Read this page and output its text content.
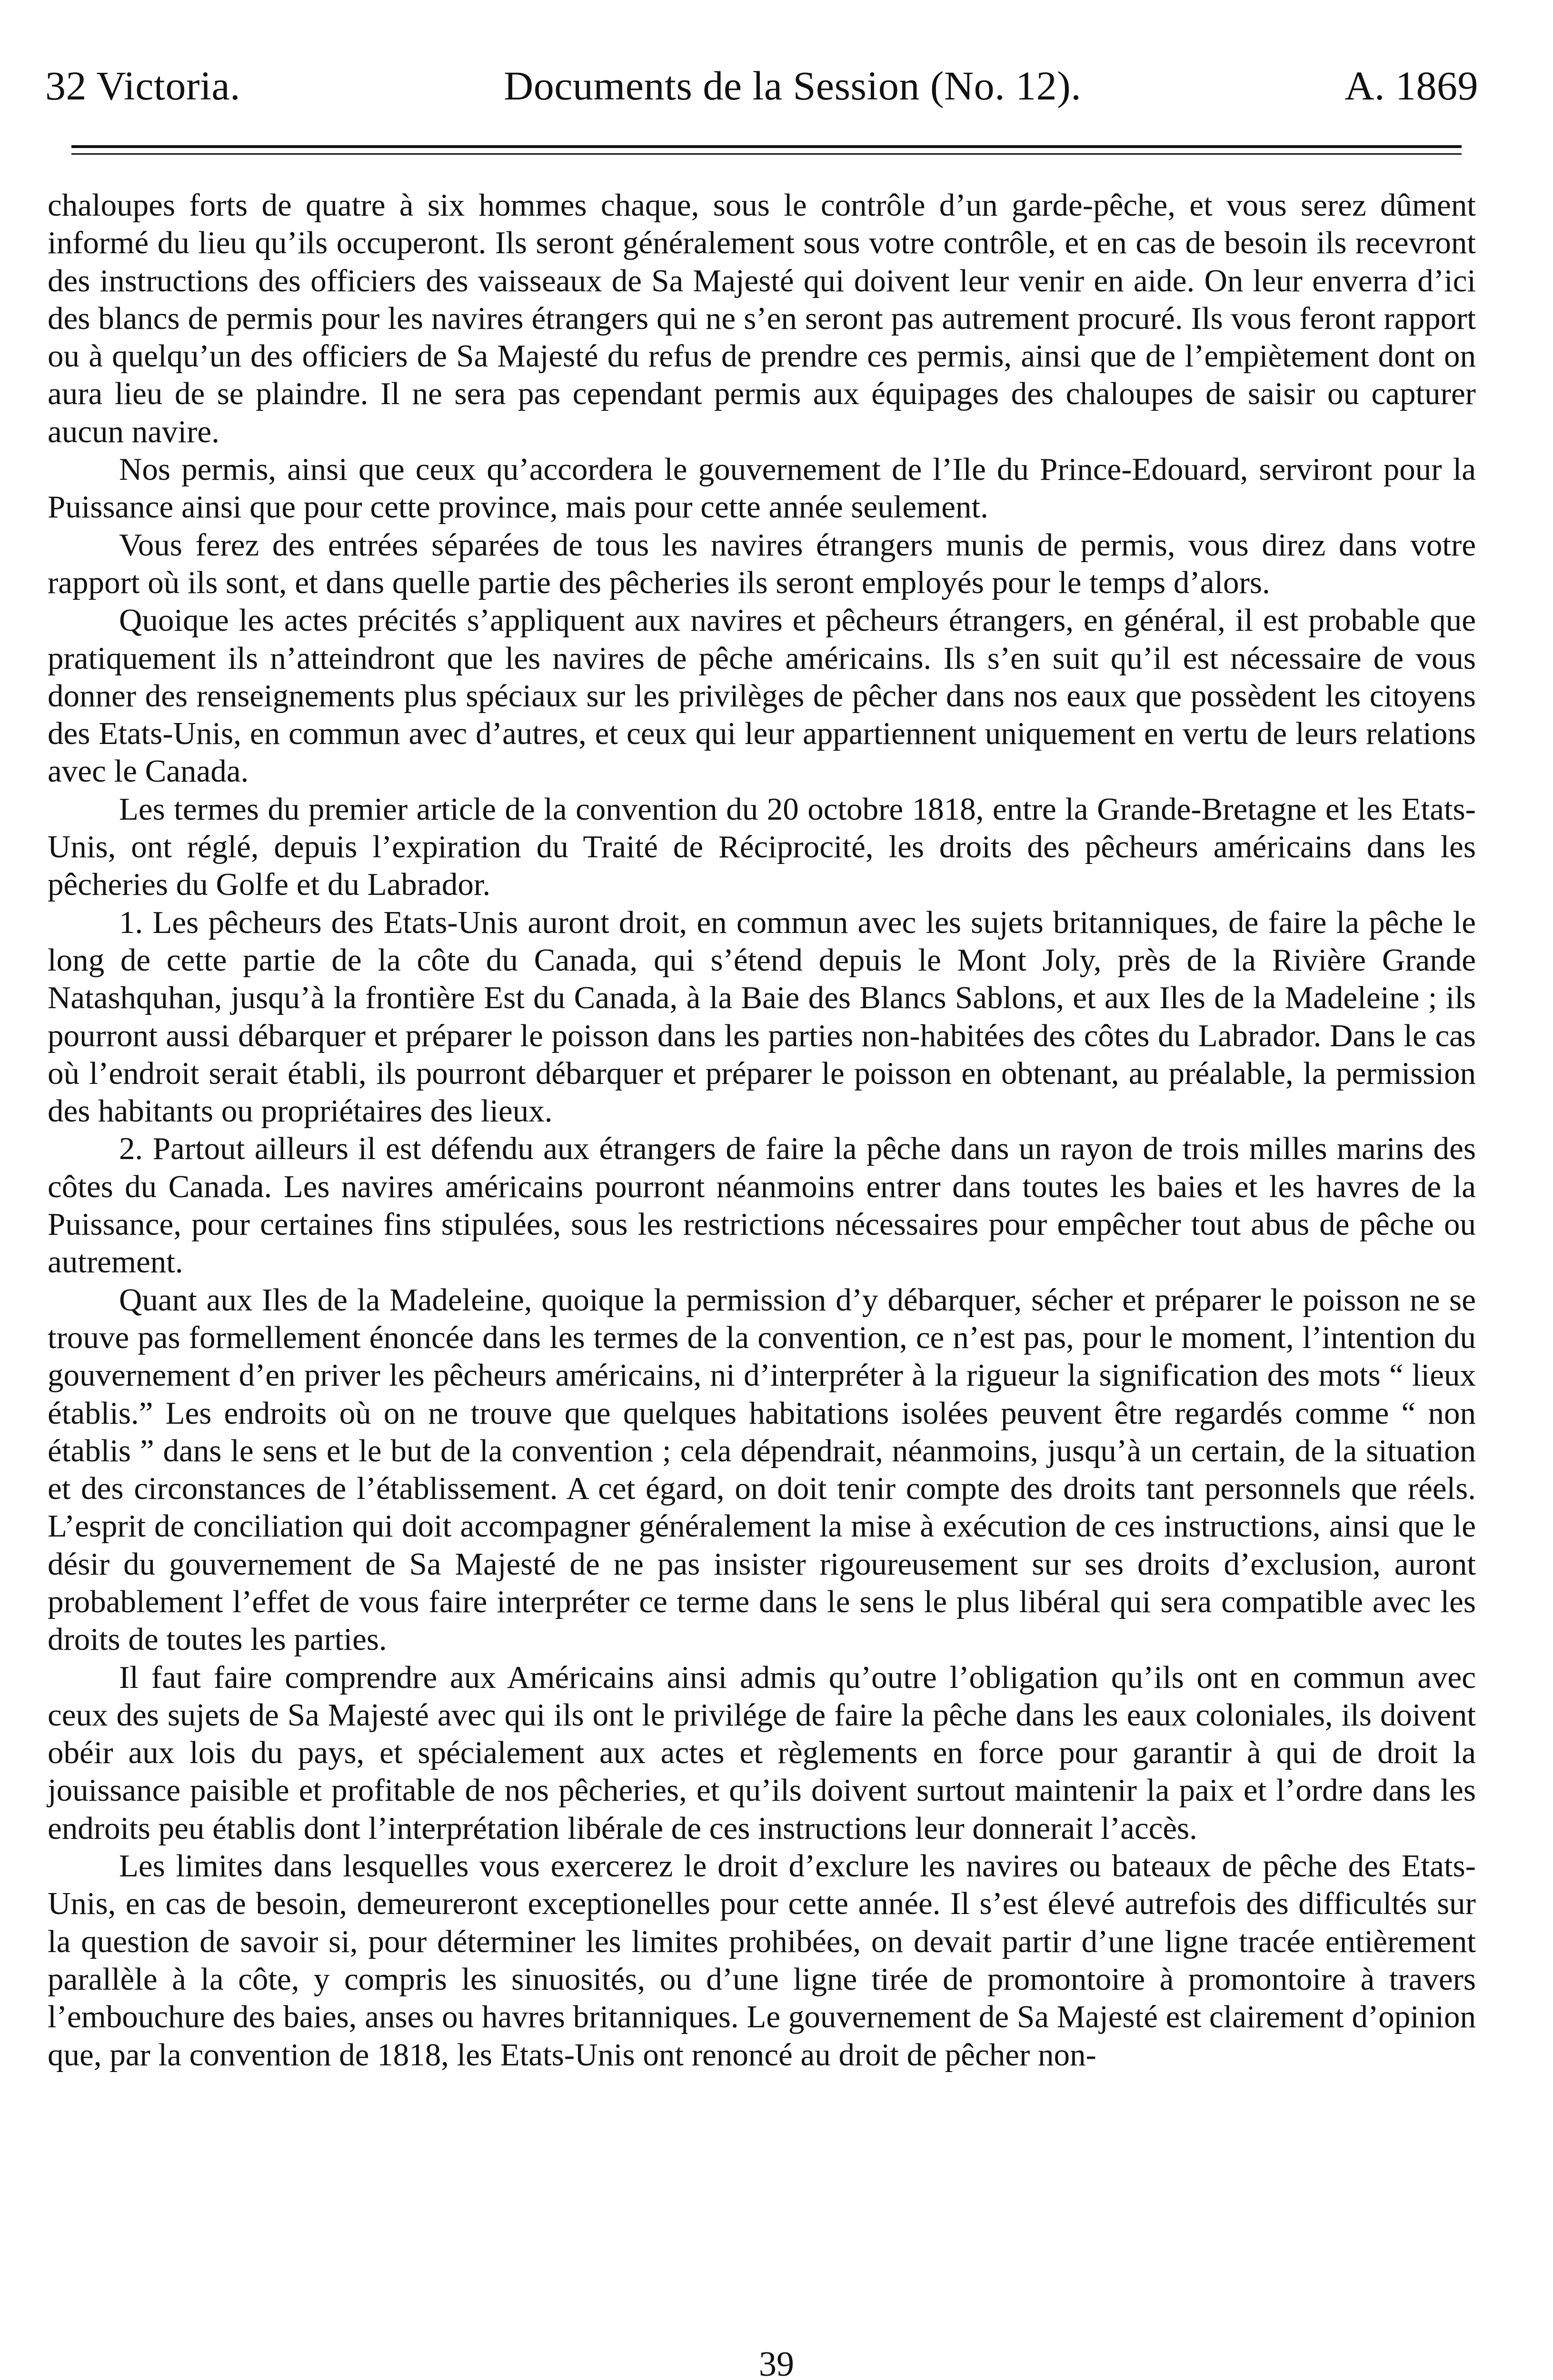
32 Victoria.	Documents de la Session (No. 12).	A. 1869

chaloupes forts de quatre à six hommes chaque, sous le contrôle d’un garde-pêche, et vous serez dûment informé du lieu qu’ils occuperont. Ils seront généralement sous votre contrôle, et en cas de besoin ils recevront des instructions des officiers des vaisseaux de Sa Majesté qui doivent leur venir en aide. On leur enverra d’ici des blancs de permis pour les navires étrangers qui ne s’en seront pas autrement procuré. Ils vous feront rapport ou à quelqu’un des officiers de Sa Majesté du refus de prendre ces permis, ainsi que de l’empiètement dont on aura lieu de se plaindre. Il ne sera pas cependant permis aux équipages des chaloupes de saisir ou capturer aucun navire.

Nos permis, ainsi que ceux qu’accordera le gouvernement de l’Ile du Prince-Edouard, serviront pour la Puissance ainsi que pour cette province, mais pour cette année seulement.

Vous ferez des entrées séparées de tous les navires étrangers munis de permis, vous direz dans votre rapport où ils sont, et dans quelle partie des pêcheries ils seront employés pour le temps d’alors.

Quoique les actes précités s’appliquent aux navires et pêcheurs étrangers, en général, il est probable que pratiquement ils n’atteindront que les navires de pêche américains. Ils s’en suit qu’il est nécessaire de vous donner des renseignements plus spéciaux sur les privilèges de pêcher dans nos eaux que possèdent les citoyens des Etats-Unis, en commun avec d’autres, et ceux qui leur appartiennent uniquement en vertu de leurs relations avec le Canada.

Les termes du premier article de la convention du 20 octobre 1818, entre la Grande-Bretagne et les Etats-Unis, ont réglé, depuis l’expiration du Traité de Réciprocité, les droits des pêcheurs américains dans les pêcheries du Golfe et du Labrador.

1. Les pêcheurs des Etats-Unis auront droit, en commun avec les sujets britanniques, de faire la pêche le long de cette partie de la côte du Canada, qui s’étend depuis le Mont Joly, près de la Rivière Grande Natashquhan, jusqu’à la frontière Est du Canada, à la Baie des Blancs Sablons, et aux Iles de la Madeleine ; ils pourront aussi débarquer et préparer le poisson dans les parties non-habitées des côtes du Labrador. Dans le cas où l’endroit serait établi, ils pourront débarquer et préparer le poisson en obtenant, au préalable, la permission des habitants ou propriétaires des lieux.

2. Partout ailleurs il est défendu aux étrangers de faire la pêche dans un rayon de trois milles marins des côtes du Canada. Les navires américains pourront néanmoins entrer dans toutes les baies et les havres de la Puissance, pour certaines fins stipulées, sous les restrictions nécessaires pour empêcher tout abus de pêche ou autrement.

Quant aux Iles de la Madeleine, quoique la permission d’y débarquer, sécher et préparer le poisson ne se trouve pas formellement énoncée dans les termes de la convention, ce n’est pas, pour le moment, l’intention du gouvernement d’en priver les pêcheurs américains, ni d’interpréter à la rigueur la signification des mots “ lieux établis.” Les endroits où on ne trouve que quelques habitations isolées peuvent être regardés comme “ non établis ” dans le sens et le but de la convention ; cela dépendrait, néanmoins, jusqu’à un certain, de la situation et des circonstances de l’établissement. A cet égard, on doit tenir compte des droits tant personnels que réels. L’esprit de conciliation qui doit accompagner généralement la mise à exécution de ces instructions, ainsi que le désir du gouvernement de Sa Majesté de ne pas insister rigoureusement sur ses droits d’exclusion, auront probablement l’effet de vous faire interpréter ce terme dans le sens le plus libéral qui sera compatible avec les droits de toutes les parties.

Il faut faire comprendre aux Américains ainsi admis qu’outre l’obligation qu’ils ont en commun avec ceux des sujets de Sa Majesté avec qui ils ont le privilége de faire la pêche dans les eaux coloniales, ils doivent obéir aux lois du pays, et spécialement aux actes et règlements en force pour garantir à qui de droit la jouissance paisible et profitable de nos pêcheries, et qu’ils doivent surtout maintenir la paix et l’ordre dans les endroits peu établis dont l’interprétation libérale de ces instructions leur donnerait l’accès.

Les limites dans lesquelles vous exercerez le droit d’exclure les navires ou bateaux de pêche des Etats-Unis, en cas de besoin, demeureront exceptionelles pour cette année. Il s’est élevé autrefois des difficultés sur la question de savoir si, pour déterminer les limites prohibées, on devait partir d’une ligne tracée entièrement parallèle à la côte, y compris les sinuosités, ou d’une ligne tirée de promontoire à promontoire à travers l’embouchure des baies, anses ou havres britanniques. Le gouvernement de Sa Majesté est clairement d’opinion que, par la convention de 1818, les Etats-Unis ont renoncé au droit de pêcher non-

39
